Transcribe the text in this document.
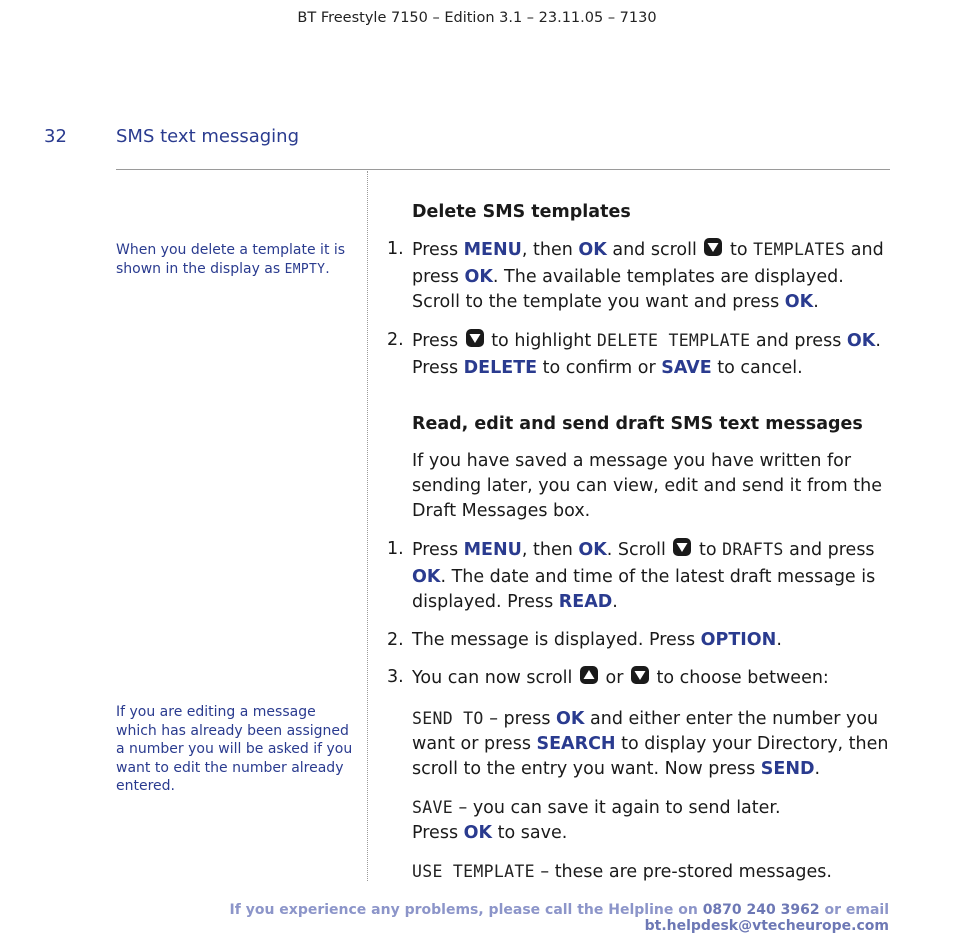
BT Freestyle 7150 – Edition 3.1 – 23.11.05 – 7130
32	SMS text messaging
When you delete a template it is shown in the display as EMPTY.
If you are editing a message which has already been assigned a number you will be asked if you want to edit the number already entered.
Delete SMS templates
1. Press MENU, then OK and scroll  to TEMPLATES and press OK. The available templates are displayed. Scroll to the template you want and press OK.
2. Press  to highlight DELETE TEMPLATE and press OK. Press DELETE to confirm or SAVE to cancel.
Read, edit and send draft SMS text messages

If you have saved a message you have written for sending later, you can view, edit and send it from the Draft Messages box.

1. Press MENU, then OK. Scroll  to DRAFTS and press OK. The date and time of the latest draft message is displayed. Press READ.
2. The message is displayed. Press OPTION.
3. You can now scroll  or  to choose between:

SEND TO – press OK and either enter the number you want or press SEARCH to display your Directory, then scroll to the entry you want. Now press SEND.

SAVE – you can save it again to send later.
Press OK to save.

USE TEMPLATE – these are pre-stored messages.

If you experience any problems, please call the Helpline on 0870 240 3962 or email bt.helpdesk@vtecheurope.com
